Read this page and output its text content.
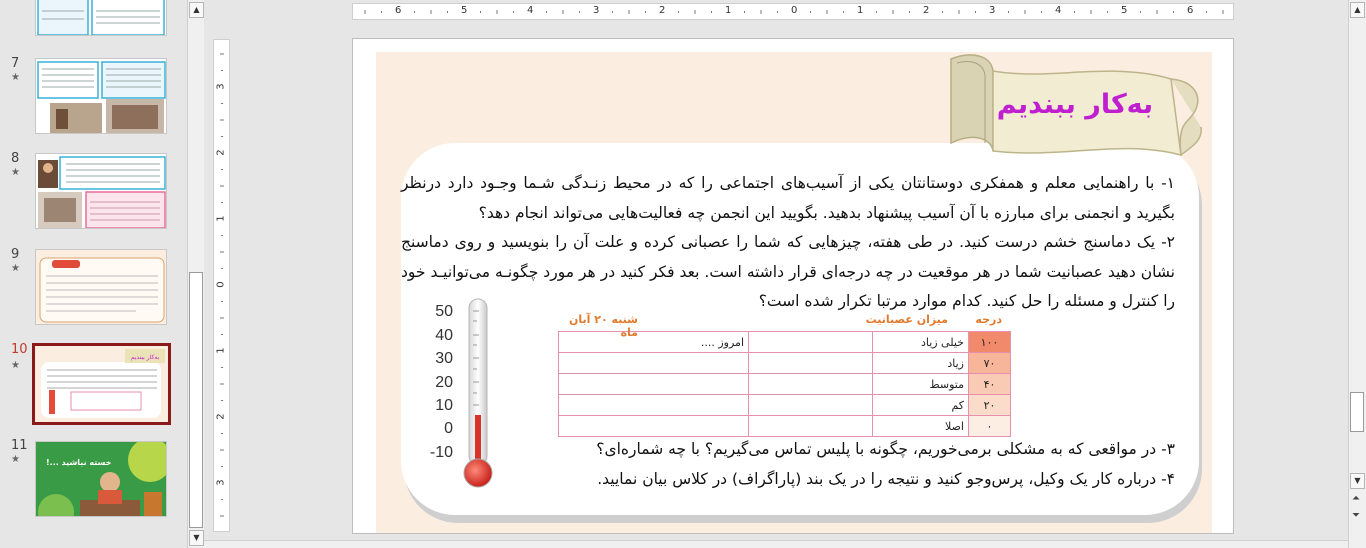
7
★
8
★
9
★
10
★
به‌کار ببندیم
11
★	خسته نباشید ...!
▲
▼
6	5	4	3	2	1	0	1	2	3	4	5	6
3
2
1
0
1
2
3
به‌کار ببندیم
۱- با راهنمایی معلم و همفکری دوستانتان یکی از آسیب‌های اجتماعی را که در محیط زنـدگی شـما وجـود دارد درنظر بگیرید و انجمنی برای مبارزه با آن آسیب پیشنهاد بدهید. بگویید این انجمن چه فعالیت‌هایی می‌تواند انجام دهد؟
۲- یک دماسنج خشم درست کنید. در طی هفته، چیزهایی که شما را عصبانی کرده و علت آن را بنویسید و روی دماسنج نشان دهید عصبانیت شما در هر موقعیت در چه درجه‌ای قرار داشته است. بعد فکر کنید در هر مورد چگونـه می‌توانیـد خود را کنترل و مسئله را حل کنید. کدام موارد مرتبا تکرار شده است؟
50
40
30
20
10
0
-10
درجه
میزان عصبانیت
شنبه ۲۰ آبان ماه
۱۰۰	خیلی زیاد		امروز ....
۷۰	زیاد		
۴۰	متوسط		
۲۰	کم		
۰	اصلا		
۳- در مواقعی که به مشکلی برمی‌خوریم، چگونه با پلیس تماس می‌گیریم؟ با چه شماره‌ای؟
۴- درباره کار یک وکیل، پرس‌وجو کنید و نتیجه را در یک بند (پاراگراف) در کلاس بیان نمایید.
▲
▼
⏶
⏷
